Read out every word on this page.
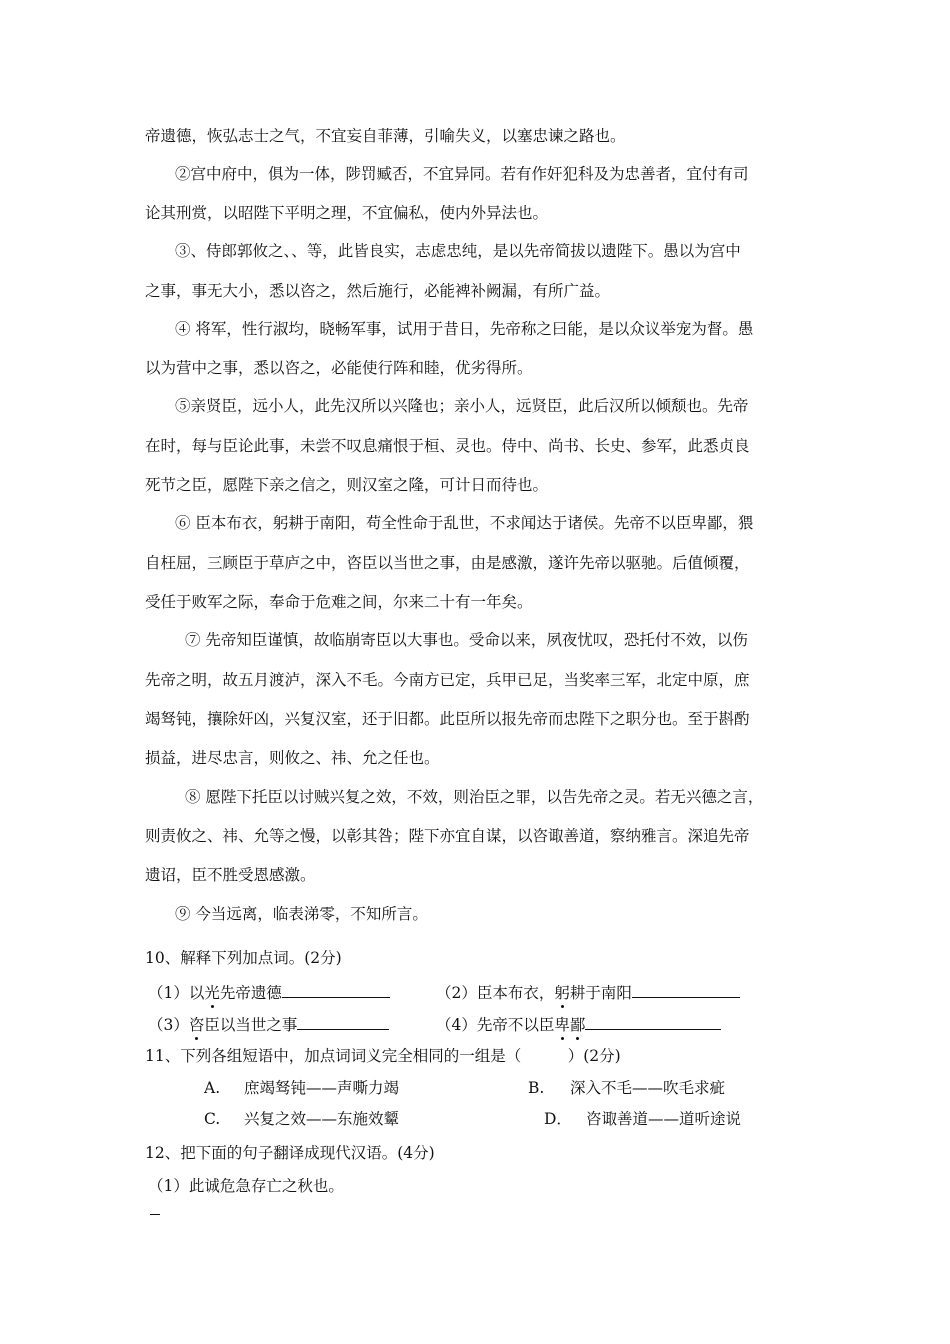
帝遗德，恢弘志士之气，不宜妄自菲薄，引喻失义，以塞忠谏之路也。
②宫中府中，俱为一体，陟罚臧否，不宜异同。若有作奸犯科及为忠善者，宜付有司
论其刑赏，以昭陛下平明之理，不宜偏私，使内外异法也。
③、侍郎郭攸之、、等，此皆良实，志虑忠纯，是以先帝简拔以遗陛下。愚以为宫中
之事，事无大小，悉以咨之，然后施行，必能裨补阙漏，有所广益。
④ 将军，性行淑均，晓畅军事，试用于昔日，先帝称之曰能，是以众议举宠为督。愚
以为营中之事，悉以咨之，必能使行阵和睦，优劣得所。
⑤亲贤臣，远小人，此先汉所以兴隆也；亲小人，远贤臣，此后汉所以倾颓也。先帝
在时，每与臣论此事，未尝不叹息痛恨于桓、灵也。侍中、尚书、长史、参军，此悉贞良
死节之臣，愿陛下亲之信之，则汉室之隆，可计日而待也。
⑥ 臣本布衣，躬耕于南阳，苟全性命于乱世，不求闻达于诸侯。先帝不以臣卑鄙，猥
自枉屈，三顾臣于草庐之中，咨臣以当世之事，由是感激，遂许先帝以驱驰。后值倾覆，
受任于败军之际，奉命于危难之间，尔来二十有一年矣。
⑦ 先帝知臣谨慎，故临崩寄臣以大事也。受命以来，夙夜忧叹，恐托付不效，以伤
先帝之明，故五月渡泸，深入不毛。今南方已定，兵甲已足，当奖率三军，北定中原，庶
竭驽钝，攘除奸凶，兴复汉室，还于旧都。此臣所以报先帝而忠陛下之职分也。至于斟酌
损益，进尽忠言，则攸之、祎、允之任也。
⑧ 愿陛下托臣以讨贼兴复之效，不效，则治臣之罪，以告先帝之灵。若无兴德之言，
则责攸之、祎、允等之慢，以彰其咎；陛下亦宜自谋，以咨诹善道，察纳雅言。深追先帝
遗诏，臣不胜受恩感激。
⑨ 今当远离，临表涕零，不知所言。
10、解释下列加点词。(2分)
（1）以光先帝遗德	（2）臣本布衣，躬耕于南阳
（3）咨臣以当世之事	（4）先帝不以臣卑鄙
11、下列各组短语中，加点词词义完全相同的一组是（　　　）(2分)
A. 庶竭驽钝——声嘶力竭	B. 深入不毛——吹毛求疵
C. 兴复之效——东施效颦	D． 咨诹善道——道听途说
12、把下面的句子翻译成现代汉语。(4分)
（1）此诚危急存亡之秋也。
